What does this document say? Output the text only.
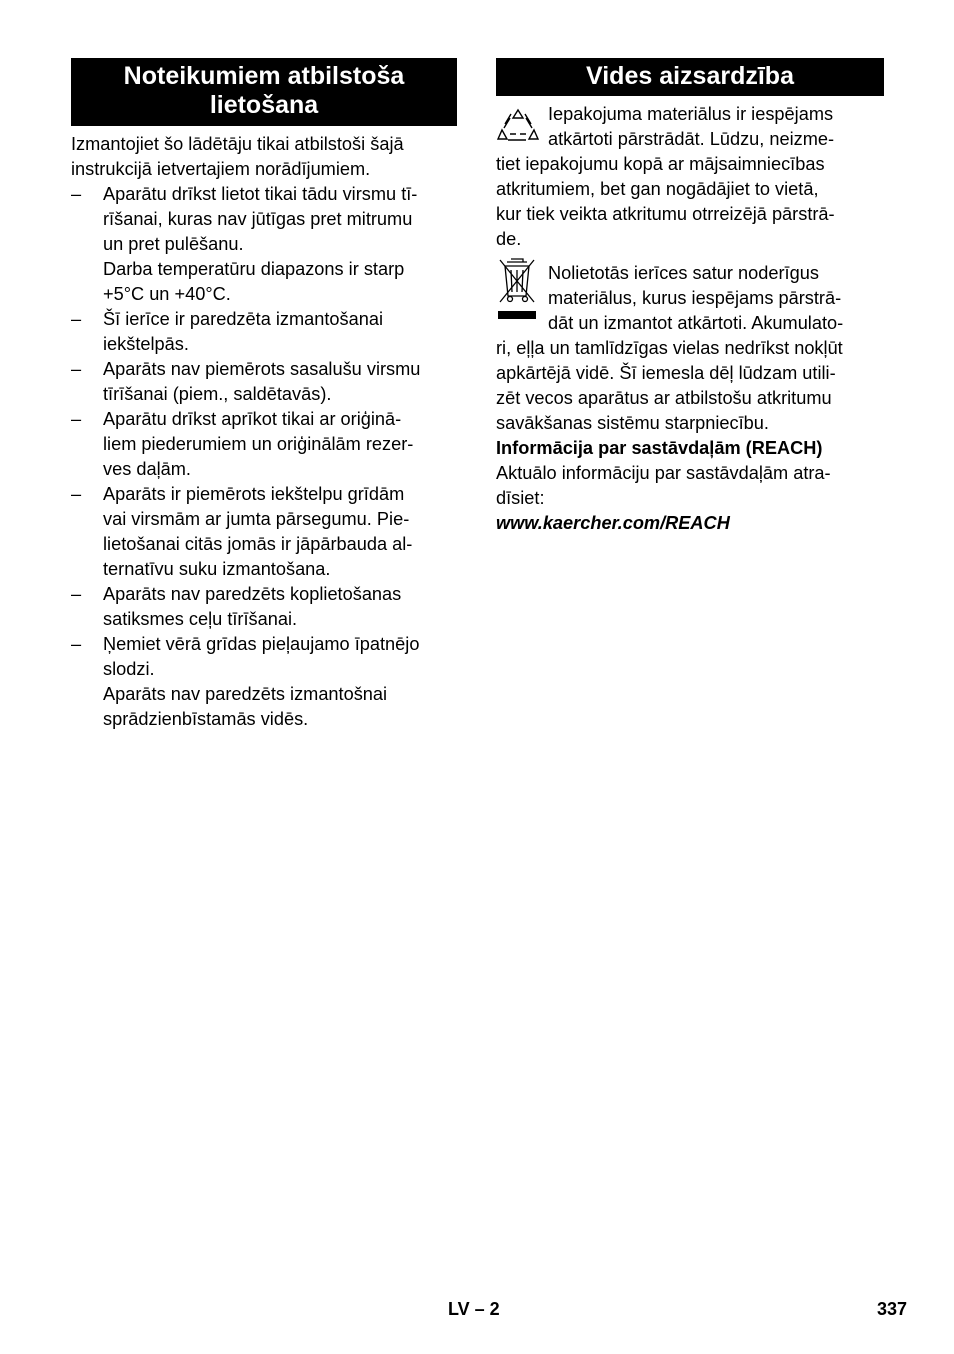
Noteikumiem atbilstoša
lietošana
Izmantojiet šo lādētāju tikai atbilstoši šajā
instrukcijā ietvertajiem norādījumiem.
– Aparātu drīkst lietot tikai tādu virsmu tī-
rīšanai, kuras nav jūtīgas pret mitrumu
un pret pulēšanu.
Darba temperatūru diapazons ir starp
+5°C un +40°C.
– Šī ierīce ir paredzēta izmantošanai
iekštelpās.
– Aparāts nav piemērots sasalušu virsmu
tīrīšanai (piem., saldētavās).
– Aparātu drīkst aprīkot tikai ar oriģinā-
liem piederumiem un oriģinālām rezer-
ves daļām.
– Aparāts ir piemērots iekštelpu grīdām
vai virsmām ar jumta pārsegumu. Pie-
lietošanai citās jomās ir jāpārbauda al-
ternatīvu suku izmantošana.
– Aparāts nav paredzēts koplietošanas
satiksmes ceļu tīrīšanai.
– Ņemiet vērā grīdas pieļaujamo īpatnējo
slodzi.
Aparāts nav paredzēts izmantošnai
sprādzienbīstamās vidēs.
Vides aizsardzība
Iepakojuma materiālus ir iespējams
atkārtoti pārstrādāt. Lūdzu, neizme-
tiet iepakojumu kopā ar mājsaimniecības
atkritumiem, bet gan nogādājiet to vietā,
kur tiek veikta atkritumu otrreizējā pārstrā-
de.
Nolietotās ierīces satur noderīgus
materiālus, kurus iespējams pārstrā-
dāt un izmantot atkārtoti. Akumulato-
ri, eļļa un tamlīdzīgas vielas nedrīkst nokļūt
apkārtējā vidē. Šī iemesla dēļ lūdzam utili-
zēt vecos aparātus ar atbilstošu atkritumu
savākšanas sistēmu starpniecību.
Informācija par sastāvdaļām (REACH)
Aktuālo informāciju par sastāvdaļām atra-
dīsiet:
www.kaercher.com/REACH
LV – 2	337
